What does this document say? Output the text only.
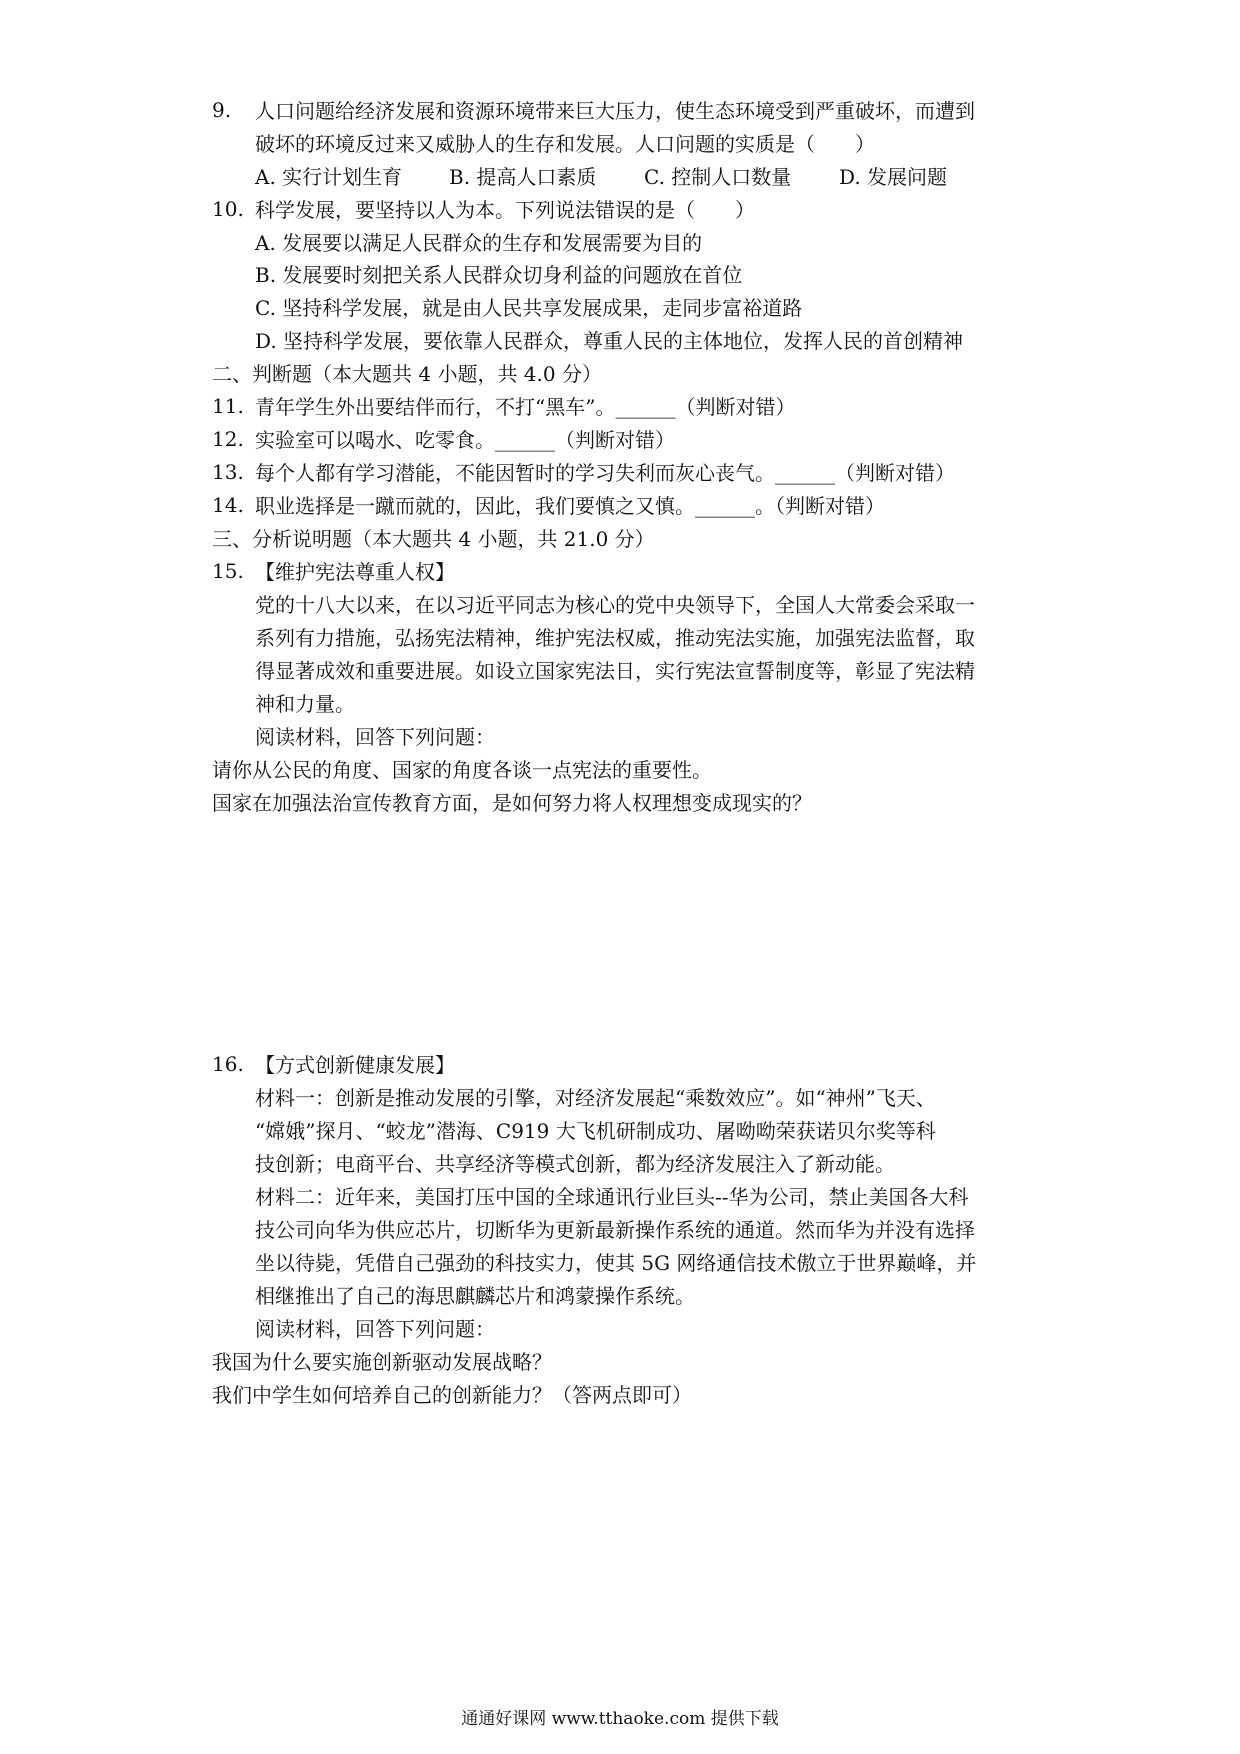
9. 人口问题给经济发展和资源环境带来巨大压力，使生态环境受到严重破坏，而遭到
破坏的环境反过来又威胁人的生存和发展。人口问题的实质是（　　）

A. 实行计划生育

B. 提高人口素质

C. 控制人口数量

D. 发展问题

10. 科学发展，要坚持以人为本。下列说法错误的是（　　）
A. 发展要以满足人民群众的生存和发展需要为目的
B. 发展要时刻把关系人民群众切身利益的问题放在首位
C. 坚持科学发展，就是由人民共享发展成果，走同步富裕道路
D. 坚持科学发展，要依靠人民群众，尊重人民的主体地位，发挥人民的首创精神
二、判断题（本大题共 4 小题，共 4.0 分）
11. 青年学生外出要结伴而行，不打“黑车”。______（判断对错）
12. 实验室可以喝水、吃零食。______（判断对错）
13. 每个人都有学习潜能，不能因暂时的学习失利而灰心丧气。______（判断对错）
14. 职业选择是一蹴而就的，因此，我们要慎之又慎。______。（判断对错）
三、分析说明题（本大题共 4 小题，共 21.0 分）
15. 【维护宪法尊重人权】
党的十八大以来，在以习近平同志为核心的党中央领导下，全国人大常委会采取一
系列有力措施，弘扬宪法精神，维护宪法权威，推动宪法实施，加强宪法监督，取
得显著成效和重要进展。如设立国家宪法日，实行宪法宣誓制度等，彰显了宪法精
神和力量。
阅读材料，回答下列问题：
请你从公民的角度、国家的角度各谈一点宪法的重要性。
国家在加强法治宣传教育方面，是如何努力将人权理想变成现实的？
16. 【方式创新健康发展】
材料一：创新是推动发展的引擎，对经济发展起“乘数效应”。如“神州”飞天、
“嫦娥”探月、“蛟龙”潜海、C919 大飞机研制成功、屠呦呦荣获诺贝尔奖等科
技创新；电商平台、共享经济等模式创新，都为经济发展注入了新动能。
材料二：近年来，美国打压中国的全球通讯行业巨头--华为公司，禁止美国各大科
技公司向华为供应芯片，切断华为更新最新操作系统的通道。然而华为并没有选择
坐以待毙，凭借自己强劲的科技实力，使其 5G 网络通信技术傲立于世界巅峰，并
相继推出了自己的海思麒麟芯片和鸿蒙操作系统。
阅读材料，回答下列问题：
我国为什么要实施创新驱动发展战略？
我们中学生如何培养自己的创新能力？（答两点即可）
通通好课网 www.tthaoke.com 提供下载
